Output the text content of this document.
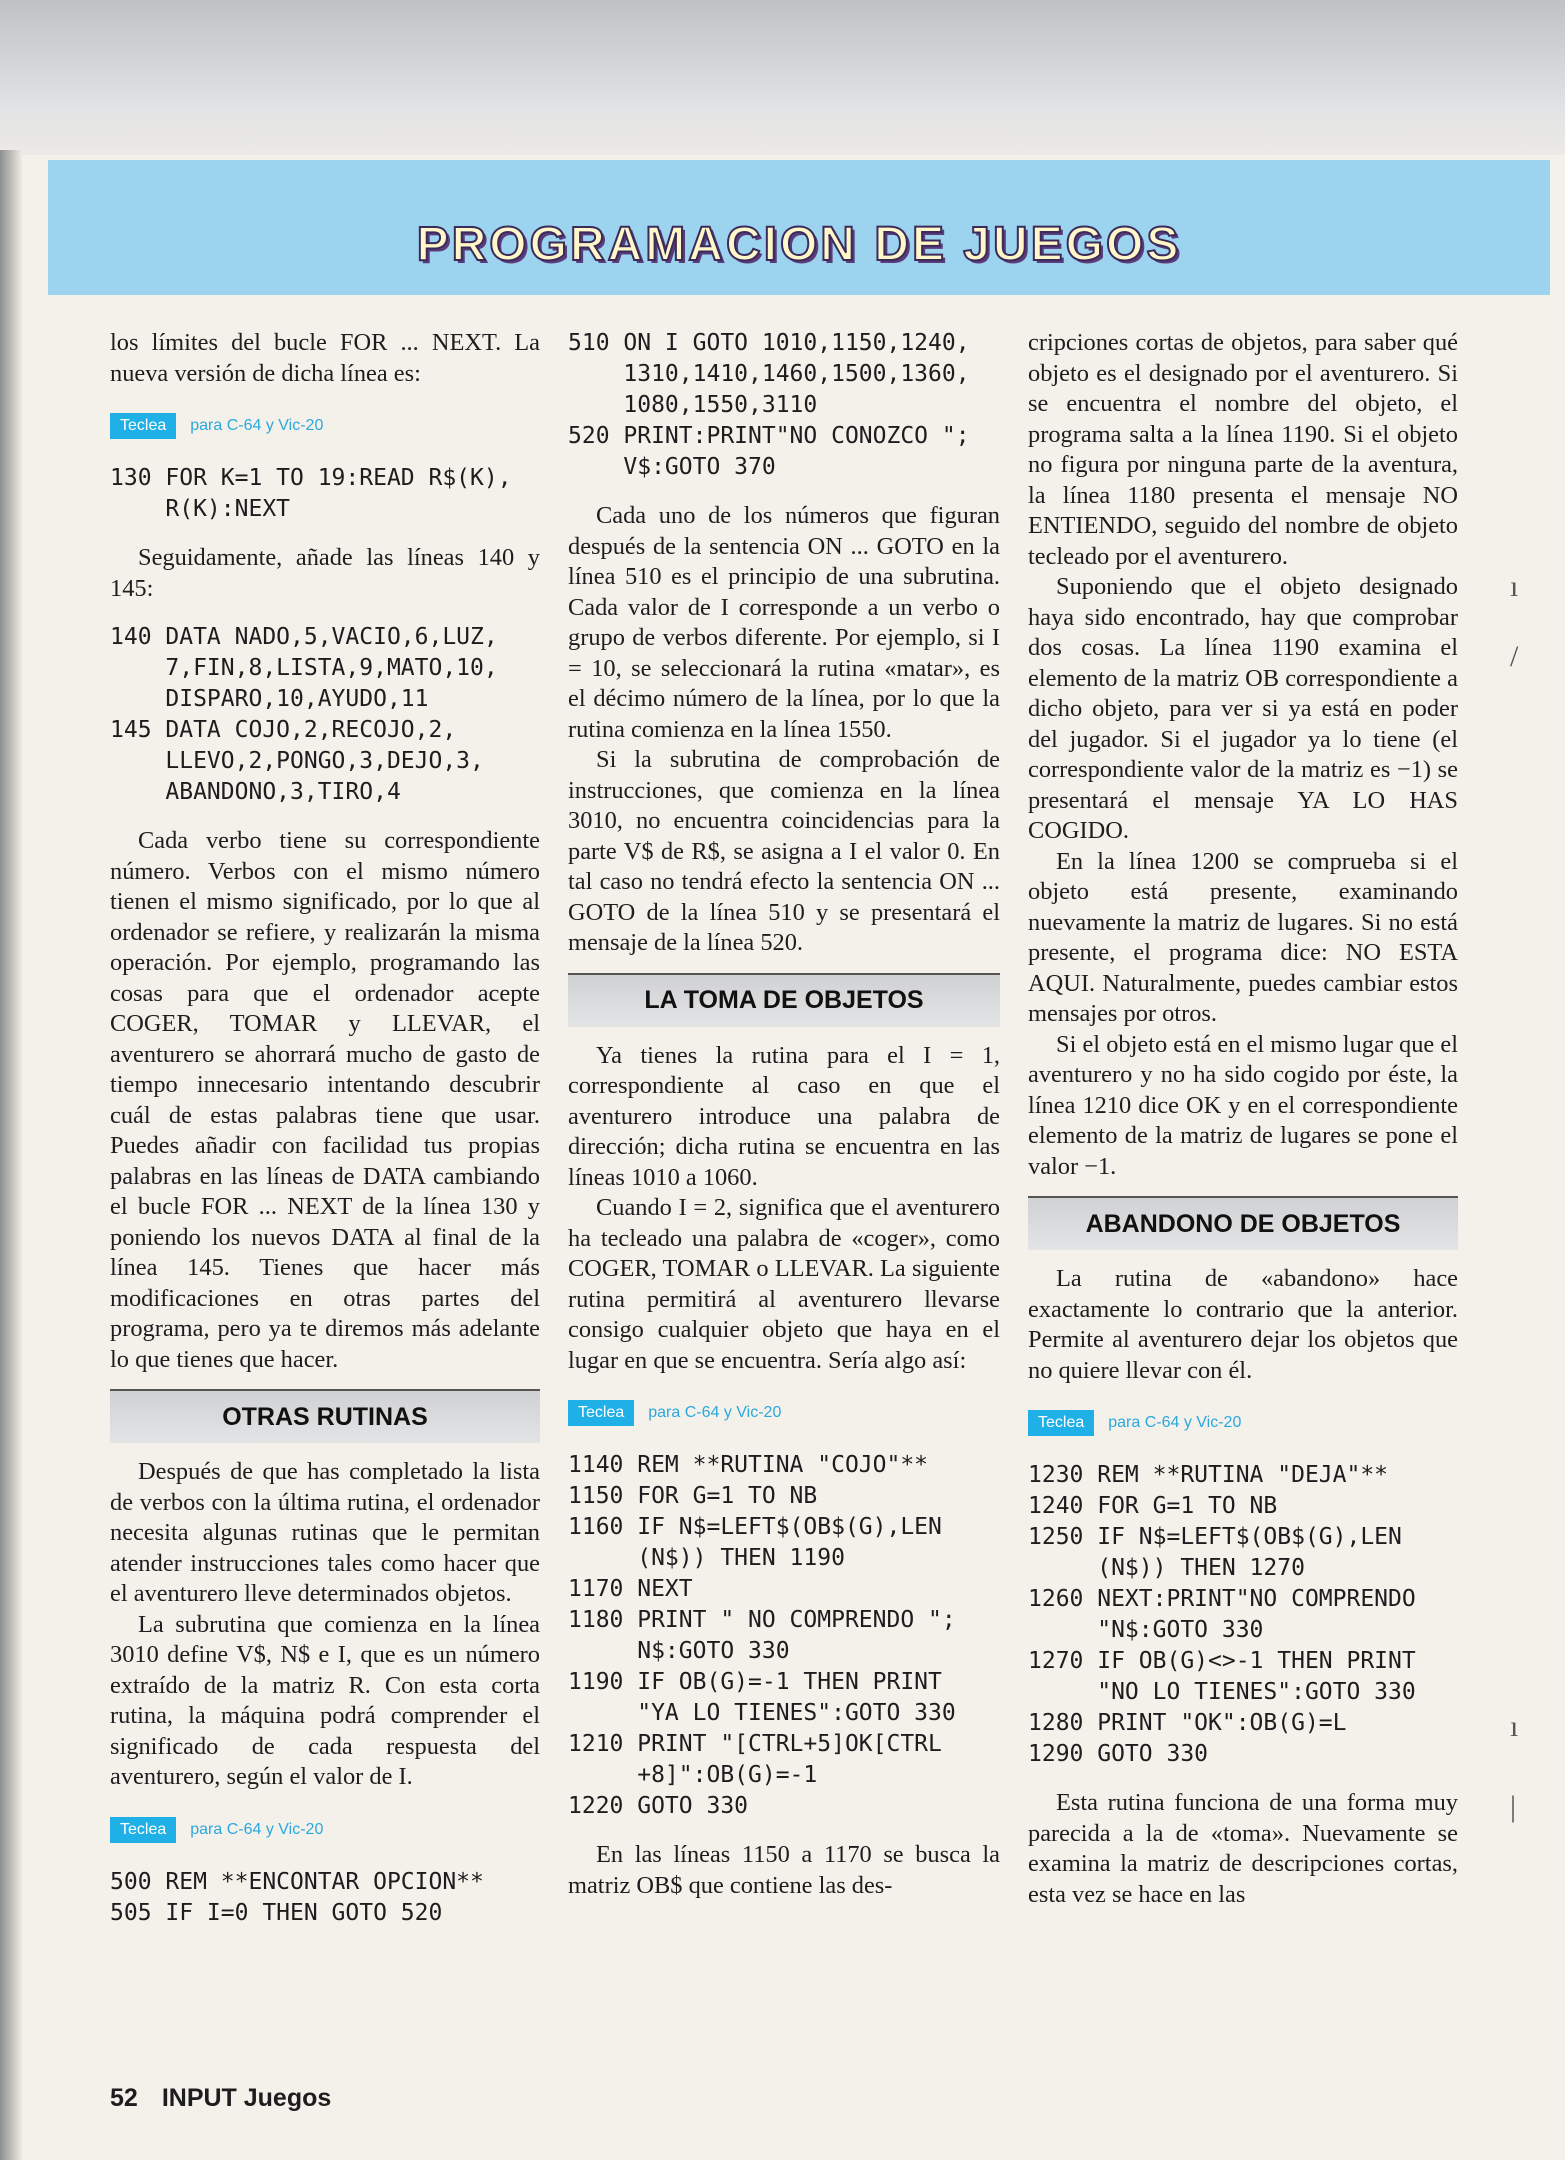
PROGRAMACION DE JUEGOS

los límites del bucle FOR ... NEXT. La nueva versión de dicha línea es:

Teclea	para C-64 y Vic-20
130 FOR K=1 TO 19:READ R$(K),
R(K):NEXT

Seguidamente, añade las líneas 140 y 145:

140 DATA NADO,5,VACIO,6,LUZ,
7,FIN,8,LISTA,9,MATO,10,
DISPARO,10,AYUDO,11
145 DATA COJO,2,RECOJO,2,
LLEVO,2,PONGO,3,DEJO,3,
ABANDONO,3,TIRO,4

Cada verbo tiene su correspondiente número. Verbos con el mismo número tienen el mismo significado, por lo que al ordenador se refiere, y realizarán la misma operación. Por ejemplo, programando las cosas para que el ordenador acepte COGER, TOMAR y LLEVAR, el aventurero se ahorrará mucho de gasto de tiempo innecesario intentando descubrir cuál de estas palabras tiene que usar. Puedes añadir con facilidad tus propias palabras en las líneas de DATA cambiando el bucle FOR ... NEXT de la línea 130 y poniendo los nuevos DATA al final de la línea 145. Tienes que hacer más modificaciones en otras partes del programa, pero ya te diremos más adelante lo que tienes que hacer.

OTRAS RUTINAS

Después de que has completado la lista de verbos con la última rutina, el ordenador necesita algunas rutinas que le permitan atender instrucciones tales como hacer que el aventurero lleve determinados objetos.

La subrutina que comienza en la línea 3010 define V$, N$ e I, que es un número extraído de la matriz R. Con esta corta rutina, la máquina podrá comprender el significado de cada respuesta del aventurero, según el valor de I.

Teclea	para C-64 y Vic-20
500 REM **ENCONTAR OPCION**
505 IF I=0 THEN GOTO 520
510 ON I GOTO 1010,1150,1240,
1310,1410,1460,1500,1360,
1080,1550,3110
520 PRINT:PRINT"NO CONOZCO ";
V$:GOTO 370

Cada uno de los números que figuran después de la sentencia ON ... GOTO en la línea 510 es el principio de una subrutina. Cada valor de I corresponde a un verbo o grupo de verbos diferente. Por ejemplo, si I = 10, se seleccionará la rutina «matar», es el décimo número de la línea, por lo que la rutina comienza en la línea 1550.

Si la subrutina de comprobación de instrucciones, que comienza en la línea 3010, no encuentra coincidencias para la parte V$ de R$, se asigna a I el valor 0. En tal caso no tendrá efecto la sentencia ON ... GOTO de la línea 510 y se presentará el mensaje de la línea 520.

LA TOMA DE OBJETOS

Ya tienes la rutina para el I = 1, correspondiente al caso en que el aventurero introduce una palabra de dirección; dicha rutina se encuentra en las líneas 1010 a 1060.

Cuando I = 2, significa que el aventurero ha tecleado una palabra de «coger», como COGER, TOMAR o LLEVAR. La siguiente rutina permitirá al aventurero llevarse consigo cualquier objeto que haya en el lugar en que se encuentra. Sería algo así:

Teclea	para C-64 y Vic-20
1140 REM **RUTINA "COJO"**
1150 FOR G=1 TO NB
1160 IF N$=LEFT$(OB$(G),LEN
(N$)) THEN 1190
1170 NEXT
1180 PRINT " NO COMPRENDO ";
N$:GOTO 330
1190 IF OB(G)=-1 THEN PRINT
"YA LO TIENES":GOTO 330
1210 PRINT "[CTRL+5]OK[CTRL
+8]":OB(G)=-1
1220 GOTO 330

En las líneas 1150 a 1170 se busca la matriz OB$ que contiene las des-

cripciones cortas de objetos, para saber qué objeto es el designado por el aventurero. Si se encuentra el nombre del objeto, el programa salta a la línea 1190. Si el objeto no figura por ninguna parte de la aventura, la línea 1180 presenta el mensaje NO ENTIENDO, seguido del nombre de objeto tecleado por el aventurero.

Suponiendo que el objeto designado haya sido encontrado, hay que comprobar dos cosas. La línea 1190 examina el elemento de la matriz OB correspondiente a dicho objeto, para ver si ya está en poder del jugador. Si el jugador ya lo tiene (el correspondiente valor de la matriz es −1) se presentará el mensaje YA LO HAS COGIDO.

En la línea 1200 se comprueba si el objeto está presente, examinando nuevamente la matriz de lugares. Si no está presente, el programa dice: NO ESTA AQUI. Naturalmente, puedes cambiar estos mensajes por otros.

Si el objeto está en el mismo lugar que el aventurero y no ha sido cogido por éste, la línea 1210 dice OK y en el correspondiente elemento de la matriz de lugares se pone el valor −1.

ABANDONO DE OBJETOS

La rutina de «abandono» hace exactamente lo contrario que la anterior. Permite al aventurero dejar los objetos que no quiere llevar con él.

Teclea	para C-64 y Vic-20
1230 REM **RUTINA "DEJA"**
1240 FOR G=1 TO NB
1250 IF N$=LEFT$(OB$(G),LEN
(N$)) THEN 1270
1260 NEXT:PRINT"NO COMPRENDO
"N$:GOTO 330
1270 IF OB(G)<>-1 THEN PRINT
"NO LO TIENES":GOTO 330
1280 PRINT "OK":OB(G)=L
1290 GOTO 330

Esta rutina funciona de una forma muy parecida a la de «toma». Nuevamente se examina la matriz de descripciones cortas, esta vez se hace en las

ı
/
ı
|
52 INPUT Juegos
